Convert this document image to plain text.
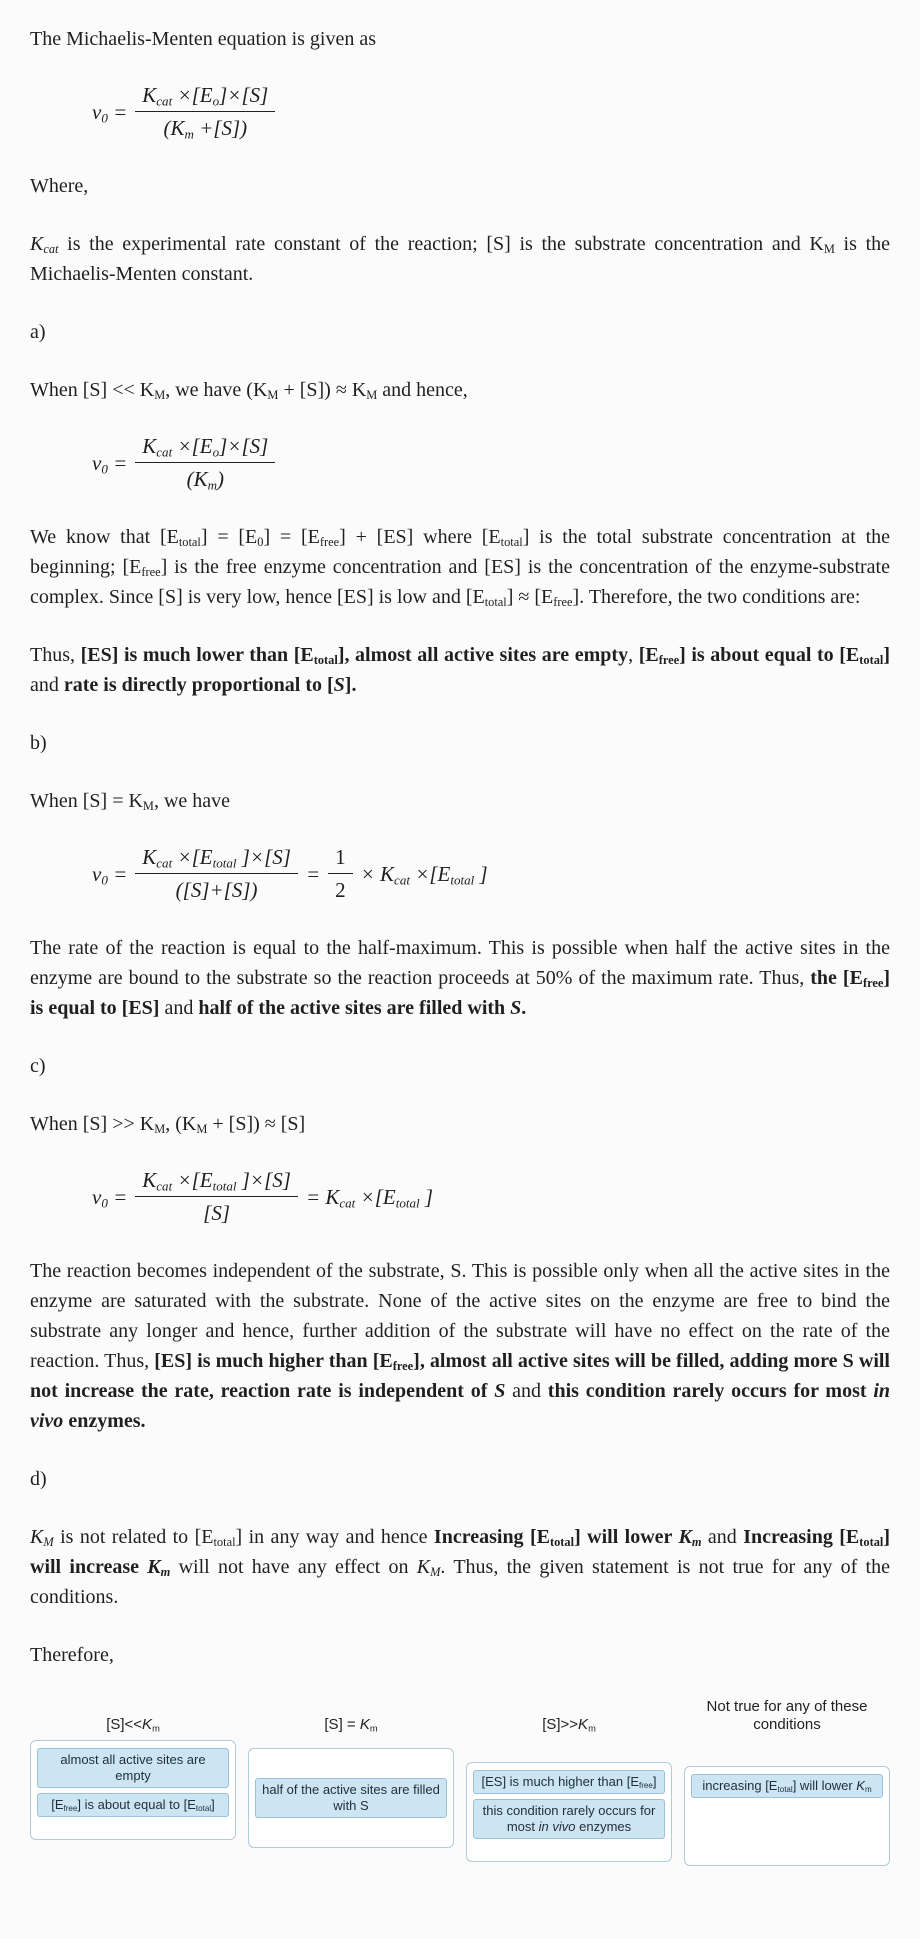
The Michaelis-Menten equation is given as

$v_0 = \frac{K_{cat} \times[E_o]\times[S]}{(K_m +[S])}$

Where,

$K_{cat}$ is the experimental rate constant of the reaction; [S] is the substrate concentration and $K_M$ is the Michaelis-Menten constant.

a)

When $[S] << K_M$, we have $(K_M + [S]) \approx K_M$ and hence,

$v_0 = \frac{K_{cat} \times[E_o]\times[S]}{(K_m)}$

We know that $[E_{total}] = [E_0] = [E_{free}] + [ES]$ where $[E_{total}]$ is the total substrate concentration at the beginning; $[E_{free}]$ is the free enzyme concentration and [ES] is the concentration of the enzyme-substrate complex. Since [S] is very low, hence [ES] is low and $[E_{total}] \approx [E_{free}]$. Therefore, the two conditions are:

Thus, [ES] is much lower than $[E_{total}]$, almost all active sites are empty, $[E_{free}]$ is about equal to $[E_{total}]$ and rate is directly proportional to [S].

b)

When $[S] = K_M$, we have

$v_0 = \frac{K_{cat} \times[E_{total} ]\times[S]}{([S]+[S])} = \frac{1}{2} \times K_{cat} \times[E_{total}$ ]

The rate of the reaction is equal to the half-maximum. This is possible when half the active sites in the enzyme are bound to the substrate so the reaction proceeds at 50% of the maximum rate. Thus, the $[E_{free}]$ is equal to [ES] and half of the active sites are filled with S.

c)

When $[S] >> K_M$, $(K_M + [S]) \approx [S]$

$v_0 = \frac{K_{cat} \times[E_{total} ]\times[S]}{[S]} = K_{cat} \times[E_{total}$ ]

The reaction becomes independent of the substrate, S. This is possible only when all the active sites in the enzyme are saturated with the substrate. None of the active sites on the enzyme are free to bind the substrate any longer and hence, further addition of the substrate will have no effect on the rate of the reaction. Thus, [ES] is much higher than $[E_{free}]$, almost all active sites will be filled, adding more S will not increase the rate, reaction rate is independent of S and this condition rarely occurs for most in vivo enzymes.

d)

$K_M$ is not related to $[E_{total}]$ in any way and hence Increasing $[E_{total}]$ will lower $K_m$ and Increasing $[E_{total}]$ will increase $K_m$ will not have any effect on $K_M$. Thus, the given statement is not true for any of the conditions.

Therefore,

$[S]<<K_m$	$[S] = K_m$	$[S]>>K_m$
Not true for any of these conditions
almost all active sites are empty
$[E_{free}]$ is about equal to $[E_{total}]$
half of the active sites are filled with S
[ES] is much higher than $[E_{free}]$
this condition rarely occurs for most in vivo enzymes
increasing $[E_{total}]$ will lower $K_m$
